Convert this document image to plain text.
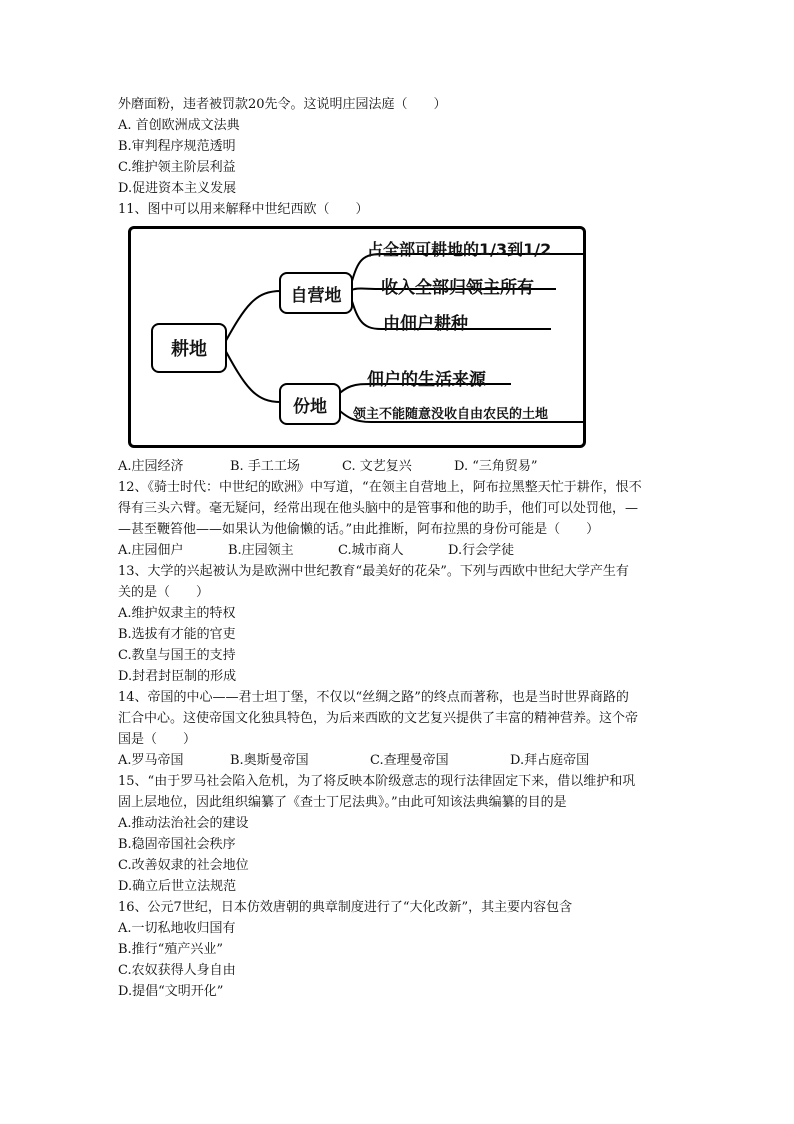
外磨面粉，违者被罚款20先令。这说明庄园法庭（　　）
A. 首创欧洲成文法典
B.审判程序规范透明
C.维护领主阶层利益
D.促进资本主义发展
11、图中可以用来解释中世纪西欧（　　）
耕地
自营地
份地
占全部可耕地的1/3到1/2
收入全部归领主所有
由佃户耕种
佃户的生活来源
领主不能随意没收自由农民的土地
A.庄园经济	B. 手工工场	C. 文艺复兴	D. “三角贸易”
12、《骑士时代：中世纪的欧洲》中写道，“在领主自营地上，阿布拉黑整天忙于耕作，恨不
得有三头六臂。毫无疑问，经常出现在他头脑中的是管事和他的助手，他们可以处罚他，—
—甚至鞭笞他——如果认为他偷懒的话。”由此推断，阿布拉黑的身份可能是（　　）
A.庄园佃户	B.庄园领主	C.城市商人	D.行会学徒
13、大学的兴起被认为是欧洲中世纪教育“最美好的花朵”。下列与西欧中世纪大学产生有
关的是（　　）
A.维护奴隶主的特权
B.选拔有才能的官吏
C.教皇与国王的支持
D.封君封臣制的形成
14、帝国的中心——君士坦丁堡，不仅以“丝绸之路”的终点而著称，也是当时世界商路的
汇合中心。这使帝国文化独具特色，为后来西欧的文艺复兴提供了丰富的精神营养。这个帝
国是（　　）
A.罗马帝国	B.奥斯曼帝国	C.查理曼帝国	D.拜占庭帝国
15、“由于罗马社会陷入危机，为了将反映本阶级意志的现行法律固定下来，借以维护和巩
固上层地位，因此组织编纂了《查士丁尼法典》。”由此可知该法典编纂的目的是
A.推动法治社会的建设
B.稳固帝国社会秩序
C.改善奴隶的社会地位
D.确立后世立法规范
16、公元7世纪，日本仿效唐朝的典章制度进行了“大化改新”，其主要内容包含
A.一切私地收归国有
B.推行“殖产兴业”
C.农奴获得人身自由
D.提倡“文明开化”
